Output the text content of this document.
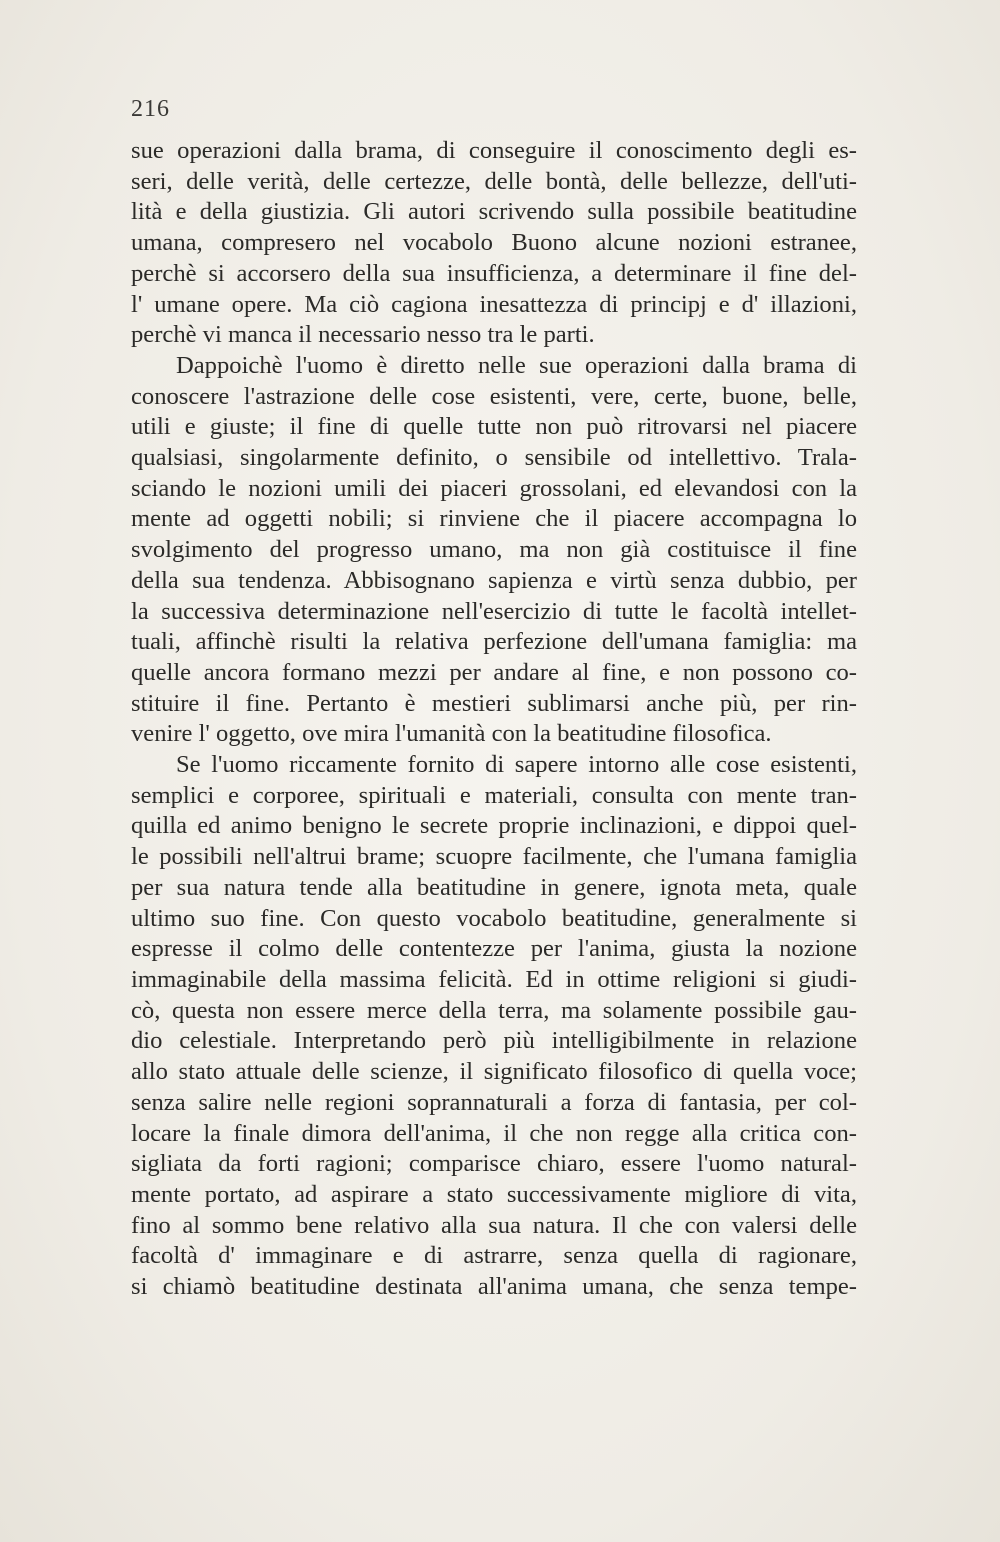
216
sue operazioni dalla brama, di conseguire il conoscimento degli es-
seri, delle verità, delle certezze, delle bontà, delle bellezze, dell'uti-
lità e della giustizia. Gli autori scrivendo sulla possibile beatitudine
umana, compresero nel vocabolo Buono alcune nozioni estranee,
perchè si accorsero della sua insufficienza, a determinare il fine del-
l' umane opere. Ma ciò cagiona inesattezza di principj e d' illazioni,
perchè vi manca il necessario nesso tra le parti.
Dappoichè l'uomo è diretto nelle sue operazioni dalla brama di
conoscere l'astrazione delle cose esistenti, vere, certe, buone, belle,
utili e giuste; il fine di quelle tutte non può ritrovarsi nel piacere
qualsiasi, singolarmente definito, o sensibile od intellettivo. Trala-
sciando le nozioni umili dei piaceri grossolani, ed elevandosi con la
mente ad oggetti nobili; si rinviene che il piacere accompagna lo
svolgimento del progresso umano, ma non già costituisce il fine
della sua tendenza. Abbisognano sapienza e virtù senza dubbio, per
la successiva determinazione nell'esercizio di tutte le facoltà intellet-
tuali, affinchè risulti la relativa perfezione dell'umana famiglia: ma
quelle ancora formano mezzi per andare al fine, e non possono co-
stituire il fine. Pertanto è mestieri sublimarsi anche più, per rin-
venire l' oggetto, ove mira l'umanità con la beatitudine filosofica.
Se l'uomo riccamente fornito di sapere intorno alle cose esistenti,
semplici e corporee, spirituali e materiali, consulta con mente tran-
quilla ed animo benigno le secrete proprie inclinazioni, e dippoi quel-
le possibili nell'altrui brame; scuopre facilmente, che l'umana famiglia
per sua natura tende alla beatitudine in genere, ignota meta, quale
ultimo suo fine. Con questo vocabolo beatitudine, generalmente si
espresse il colmo delle contentezze per l'anima, giusta la nozione
immaginabile della massima felicità. Ed in ottime religioni si giudi-
cò, questa non essere merce della terra, ma solamente possibile gau-
dio celestiale. Interpretando però più intelligibilmente in relazione
allo stato attuale delle scienze, il significato filosofico di quella voce;
senza salire nelle regioni soprannaturali a forza di fantasia, per col-
locare la finale dimora dell'anima, il che non regge alla critica con-
sigliata da forti ragioni; comparisce chiaro, essere l'uomo natural-
mente portato, ad aspirare a stato successivamente migliore di vita,
fino al sommo bene relativo alla sua natura. Il che con valersi delle
facoltà d' immaginare e di astrarre, senza quella di ragionare,
si chiamò beatitudine destinata all'anima umana, che senza tempe-
